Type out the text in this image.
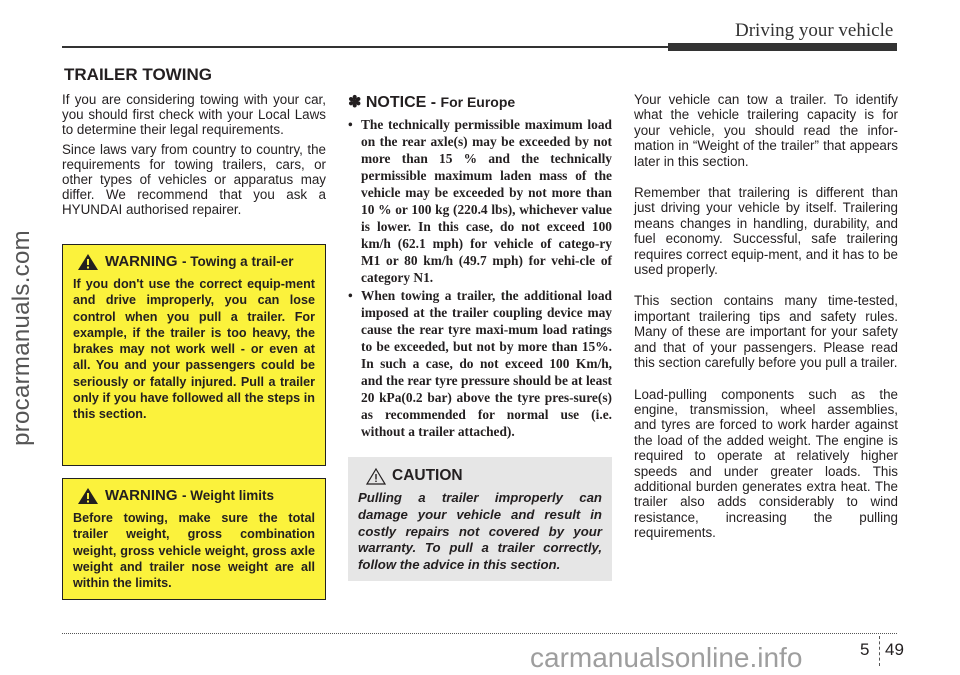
Driving your vehicle
procarmanuals.com
TRAILER TOWING

If you are considering towing with your car, you should first check with your Local Laws to determine their legal requirements.

Since laws vary from country to country, the requirements for towing trailers, cars, or other types of vehicles or apparatus may differ. We recommend that you ask a HYUNDAI authorised repairer.

WARNING - Towing a trail-er
If you don't use the correct equip-ment and drive improperly, you can lose control when you pull a trailer. For example, if the trailer is too heavy, the brakes may not work well - or even at all. You and your passengers could be seriously or fatally injured. Pull a trailer only if you have followed all the steps in this section.
WARNING - Weight limits
Before towing, make sure the total trailer weight, gross combination weight, gross vehicle weight, gross axle weight and trailer nose weight are all within the limits.
✽ NOTICE - For Europe
• The technically permissible maximum load on the rear axle(s) may be exceeded by not more than 15 % and the technically permissible maximum laden mass of the vehicle may be exceeded by not more than 10 % or 100 kg (220.4 lbs), whichever value is lower. In this case, do not exceed 100 km/h (62.1 mph) for vehicle of catego-ry M1 or 80 km/h (49.7 mph) for vehi-cle of category N1.
• When towing a trailer, the additional load imposed at the trailer coupling device may cause the rear tyre maxi-mum load ratings to be exceeded, but not by more than 15%. In such a case, do not exceed 100 Km/h, and the rear tyre pressure should be at least 20 kPa(0.2 bar) above the tyre pres-sure(s) as recommended for normal use (i.e. without a trailer attached).
CAUTION
Pulling a trailer improperly can damage your vehicle and result in costly repairs not covered by your warranty. To pull a trailer correctly, follow the advice in this section.

Your vehicle can tow a trailer. To identify what the vehicle trailering capacity is for your vehicle, you should read the infor-mation in “Weight of the trailer” that appears later in this section.

Remember that trailering is different than just driving your vehicle by itself. Trailering means changes in handling, durability, and fuel economy. Successful, safe trailering requires correct equip-ment, and it has to be used properly.

This section contains many time-tested, important trailering tips and safety rules. Many of these are important for your safety and that of your passengers. Please read this section carefully before you pull a trailer.

Load-pulling components such as the engine, transmission, wheel assemblies, and tyres are forced to work harder against the load of the added weight. The engine is required to operate at relatively higher speeds and under greater loads. This additional burden generates extra heat. The trailer also adds considerably to wind resistance, increasing the pulling requirements.

carmanualsonline.info	5 49
